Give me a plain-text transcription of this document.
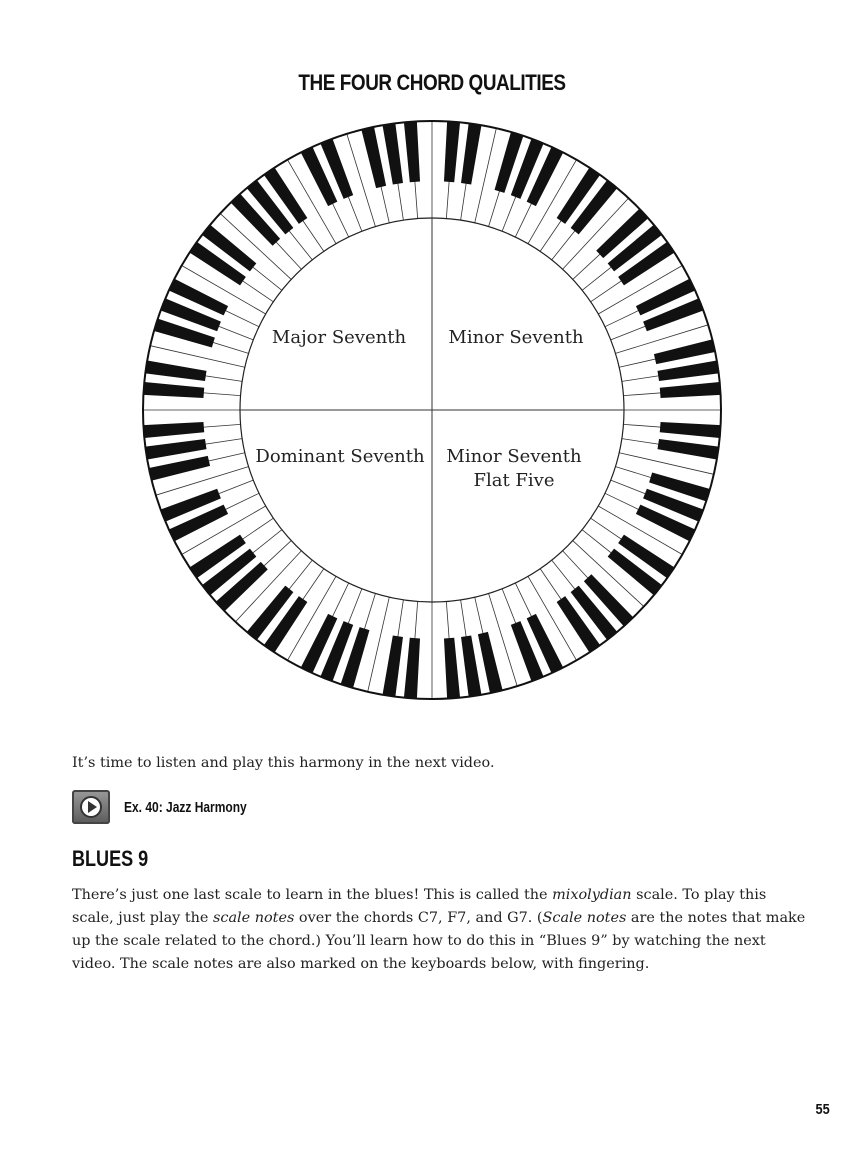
THE FOUR CHORD QUALITIES
Major Seventh	Minor Seventh
Dominant Seventh	Minor Seventh
Flat Five
It’s time to listen and play this harmony in the next video.
Ex. 40: Jazz Harmony
BLUES 9
There’s just one last scale to learn in the blues! This is called the mixolydian scale. To play this scale, just play the scale notes over the chords C7, F7, and G7. (Scale notes are the notes that make up the scale related to the chord.) You’ll learn how to do this in “Blues 9” by watching the next video. The scale notes are also marked on the keyboards below, with fingering.
55
